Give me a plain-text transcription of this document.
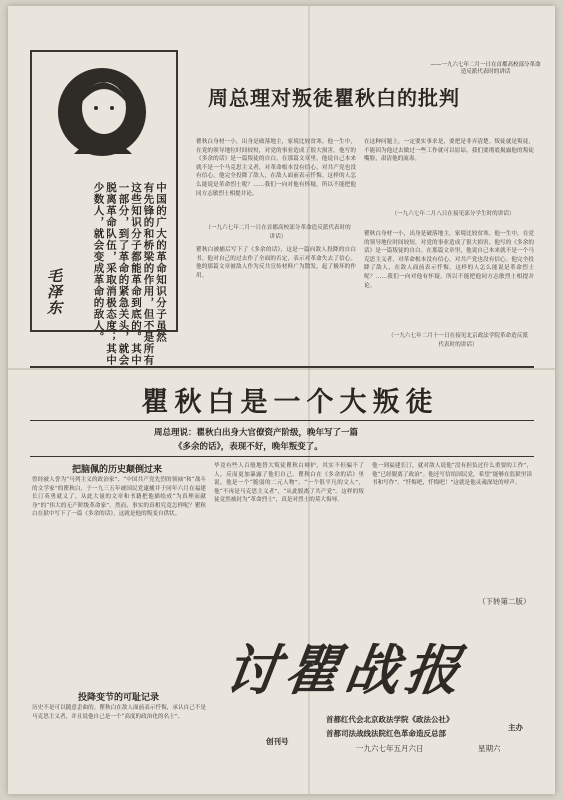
中国的广大的革命知识分子虽然
有先锋的和桥梁的作用，但不是所有
这些知识分子都能革命到底的。其中
一部分，到了革命的紧急关头，就会
脱离革命队伍，采取消极态度；其中
少数人，就会变成革命的敌人。
毛泽东
——一九六七年二月一日在首都高校部分革命造反派代表时的讲话
周总理对叛徒瞿秋白的批判
瞿秋白身材一小，出身是破落地主，家境比较贫寒。他一生中，在党的领导地位时间较短，对党的事业造成了很大损害。他写的《多余的话》是一篇叛徒的自白。在那篇文章里，他说自己本来就不是一个马克思主义者，对革命根本没有信心，对共产党也没有信心。他完全投降了敌人，在敌人面前表示忏悔。这样的人怎么能说是革命烈士呢？……我们一向对他有怀疑，所以不能把他同方志敏烈士相提并论。
在这种问题上，一定要实事求是，要把是非弄清楚。叛徒就是叛徒，不能因为他过去做过一些工作就可以原谅。我们要彻底揭露他的叛徒嘴脸，肃清他的流毒。
（一九六七年二月一日在首都高校部分革命造反派代表时的讲话）
瞿秋白被捕后写下了《多余的话》，这是一篇向敌人投降的自白书。他对自己的过去作了全面的否定，表示对革命失去了信心。他的那篇文章被敌人作为反共宣传材料广为散发，起了极坏的作用。
（一九六七年二月八日在接见部分学生时的讲话）
瞿秋白身材一小，出身是破落地主，家境比较贫寒。他一生中，在党的领导地位时间较短，对党的事业造成了很大损害。他写的《多余的话》是一篇叛徒的自白。在那篇文章里，他说自己本来就不是一个马克思主义者，对革命根本没有信心，对共产党也没有信心。他完全投降了敌人，在敌人面前表示忏悔。这样的人怎么能说是革命烈士呢？……我们一向对他有怀疑，所以不能把他同方志敏烈士相提并论。
（一九六七年二月十一日在接见北京政法学院革命造反派代表时的讲话）
瞿秋白是一个大叛徒
周总理说：瞿秋白出身大官僚资产阶级，晚年写了一篇
《多余的话》，表现不好，晚年叛变了。
把脑佩的历史颠倒过来
曾经被人誉为“马列主义的政治家”、“中国共产党先烈的领袖”和“战斗的文学家”的瞿秋白，于一九三五年被国民党逮捕并于同年六月在福建长汀英勇就义了。从此大量的文章和书籍把他描绘成“为真理而献身”的“伟大的无产阶级革命家”。然而，事实的真相究竟怎样呢？瞿秋白在狱中写下了一篇《多余的话》，这就是他的叛变自供状。
投降变节的可耻记录
历史不是可以随意歪曲的。瞿秋白在敌人面前表示忏悔，承认自己不是马克思主义者，并且说他自己是一个“高度的政治化的名士”。
毕竟有些人百般地替大叛徒瞿秋白辩护，其实不但骗不了人，反而更加暴露了他们自己。瞿秋白在《多余的话》里说，他是一个“脆弱的二元人物”，“一个很平凡的文人”，他“不再是马克思主义者”，“从此脱离了共产党”。这样的叛徒竟然被封为“革命烈士”，真是对烈士的莫大侮辱。
他一到福建长汀，就对敌人说他“没有担负过什么重要的工作”，他“已经脱离了政治”。他还写信给国民党，希望“能够在监狱里读书和写作”。“忏悔吧，忏悔吧！”这就是他灵魂深处的呼声。
（下转第二版）
讨瞿战报
首都红代会北京政法学院《政法公社》
首都司法战线法院红色革命造反总部
主办
创刊号
一九六七年五月六日	星期六
